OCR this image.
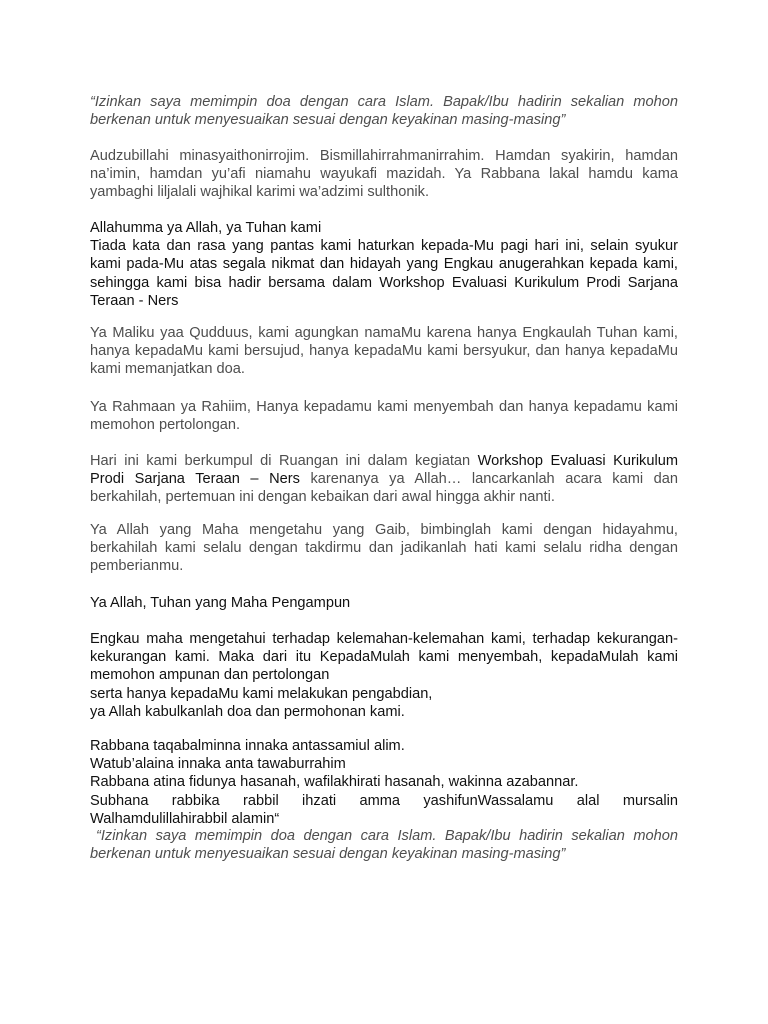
“Izinkan saya memimpin doa dengan cara Islam. Bapak/Ibu hadirin sekalian mohon berkenan untuk menyesuaikan sesuai dengan keyakinan masing-masing”

Audzubillahi minasyaithonirrojim. Bismillahirrahmanirrahim. Hamdan syakirin, hamdan na’imin, hamdan yu’afi niamahu wayukafi mazidah. Ya Rabbana lakal hamdu kama yambaghi liljalali wajhikal karimi wa’adzimi sulthonik.

Allahumma ya Allah, ya Tuhan kami

Tiada kata dan rasa yang pantas kami haturkan kepada-Mu pagi hari ini, selain syukur kami pada-Mu atas segala nikmat dan hidayah yang Engkau anugerahkan kepada kami, sehingga kami bisa hadir bersama dalam Workshop Evaluasi Kurikulum Prodi Sarjana Teraan - Ners

Ya Maliku yaa Qudduus, kami agungkan namaMu karena hanya Engkaulah Tuhan kami, hanya kepadaMu kami bersujud, hanya kepadaMu kami bersyukur, dan hanya kepadaMu kami memanjatkan doa.

Ya Rahmaan ya Rahiim, Hanya kepadamu kami menyembah dan hanya kepadamu kami memohon pertolongan.

Hari ini kami berkumpul di Ruangan ini dalam kegiatan Workshop Evaluasi Kurikulum Prodi Sarjana Teraan – Ners karenanya ya Allah… lancarkanlah acara kami dan berkahilah, pertemuan ini dengan kebaikan dari awal hingga akhir nanti.

Ya Allah yang Maha mengetahu yang Gaib, bimbinglah kami dengan hidayahmu, berkahilah kami selalu dengan takdirmu dan jadikanlah hati kami selalu ridha dengan pemberianmu.

Ya Allah, Tuhan yang Maha Pengampun

Engkau maha mengetahui terhadap kelemahan-kelemahan kami, terhadap kekurangan-kekurangan kami. Maka dari itu KepadaMulah kami menyembah, kepadaMulah kami memohon ampunan dan pertolongan

serta hanya kepadaMu kami melakukan pengabdian,

ya Allah kabulkanlah doa dan permohonan kami.

Rabbana taqabalminna innaka antassamiul alim.

Watub’alaina innaka anta tawaburrahim

Rabbana atina fidunya hasanah, wafilakhirati hasanah, wakinna azabannar.

Subhana rabbika rabbil ihzati amma yashifunWassalamu alal mursalin Walhamdulillahirabbil alamin“

“Izinkan saya memimpin doa dengan cara Islam. Bapak/Ibu hadirin sekalian mohon berkenan untuk menyesuaikan sesuai dengan keyakinan masing-masing”
